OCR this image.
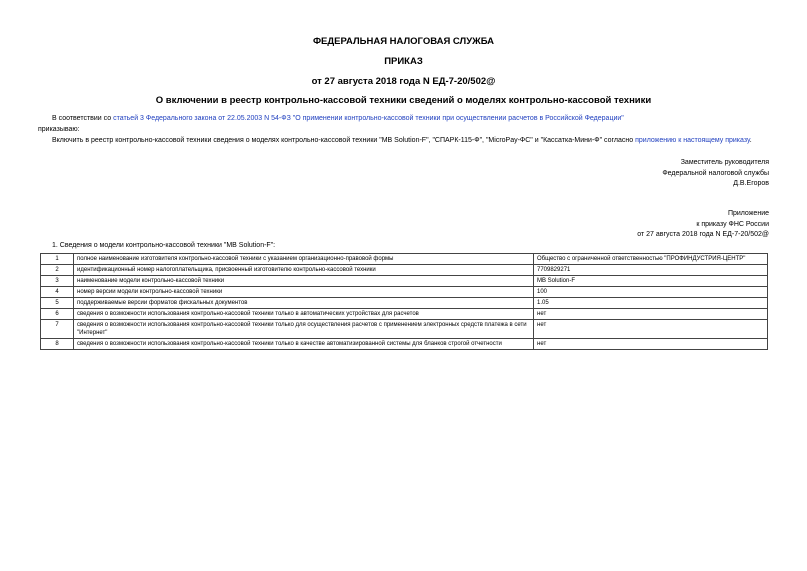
ФЕДЕРАЛЬНАЯ НАЛОГОВАЯ СЛУЖБА
ПРИКАЗ
от 27 августа 2018 года N ЕД-7-20/502@
О включении в реестр контрольно-кассовой техники сведений о моделях контрольно-кассовой техники
В соответствии со статьей 3 Федерального закона от 22.05.2003 N 54-ФЗ "О применении контрольно-кассовой техники при осуществлении расчетов в Российской Федерации"
приказываю:
Включить в реестр контрольно-кассовой техники сведения о моделях контрольно-кассовой техники "MB Solution-F", "СПАРК-115-Ф", "MicroPay-ФС" и "Кассатка-Мини-Ф" согласно приложению к настоящему приказу.
Заместитель руководителя
Федеральной налоговой службы
Д.В.Егоров
Приложение
к приказу ФНС России
от 27 августа 2018 года N ЕД-7-20/502@
1. Сведения о модели контрольно-кассовой техники "MB Solution-F":
1	полное наименование изготовителя контрольно-кассовой техники с указанием организационно-правовой формы	Общество с ограниченной ответственностью "ПРОФИНДУСТРИЯ-ЦЕНТР"
2	идентификационный номер налогоплательщика, присвоенный изготовителю контрольно-кассовой техники	7709829271
3	наименование модели контрольно-кассовой техники	MB Solution-F
4	номер версии модели контрольно-кассовой техники	100
5	поддерживаемые версии форматов фискальных документов	1.05
6	сведения о возможности использования контрольно-кассовой техники только в автоматических устройствах для расчетов	нет
7	сведения о возможности использования контрольно-кассовой техники только для осуществления расчетов с применением электронных средств платежа в сети "Интернет"	нет
8	сведения о возможности использования контрольно-кассовой техники только в качестве автоматизированной системы для бланков строгой отчетности	нет
